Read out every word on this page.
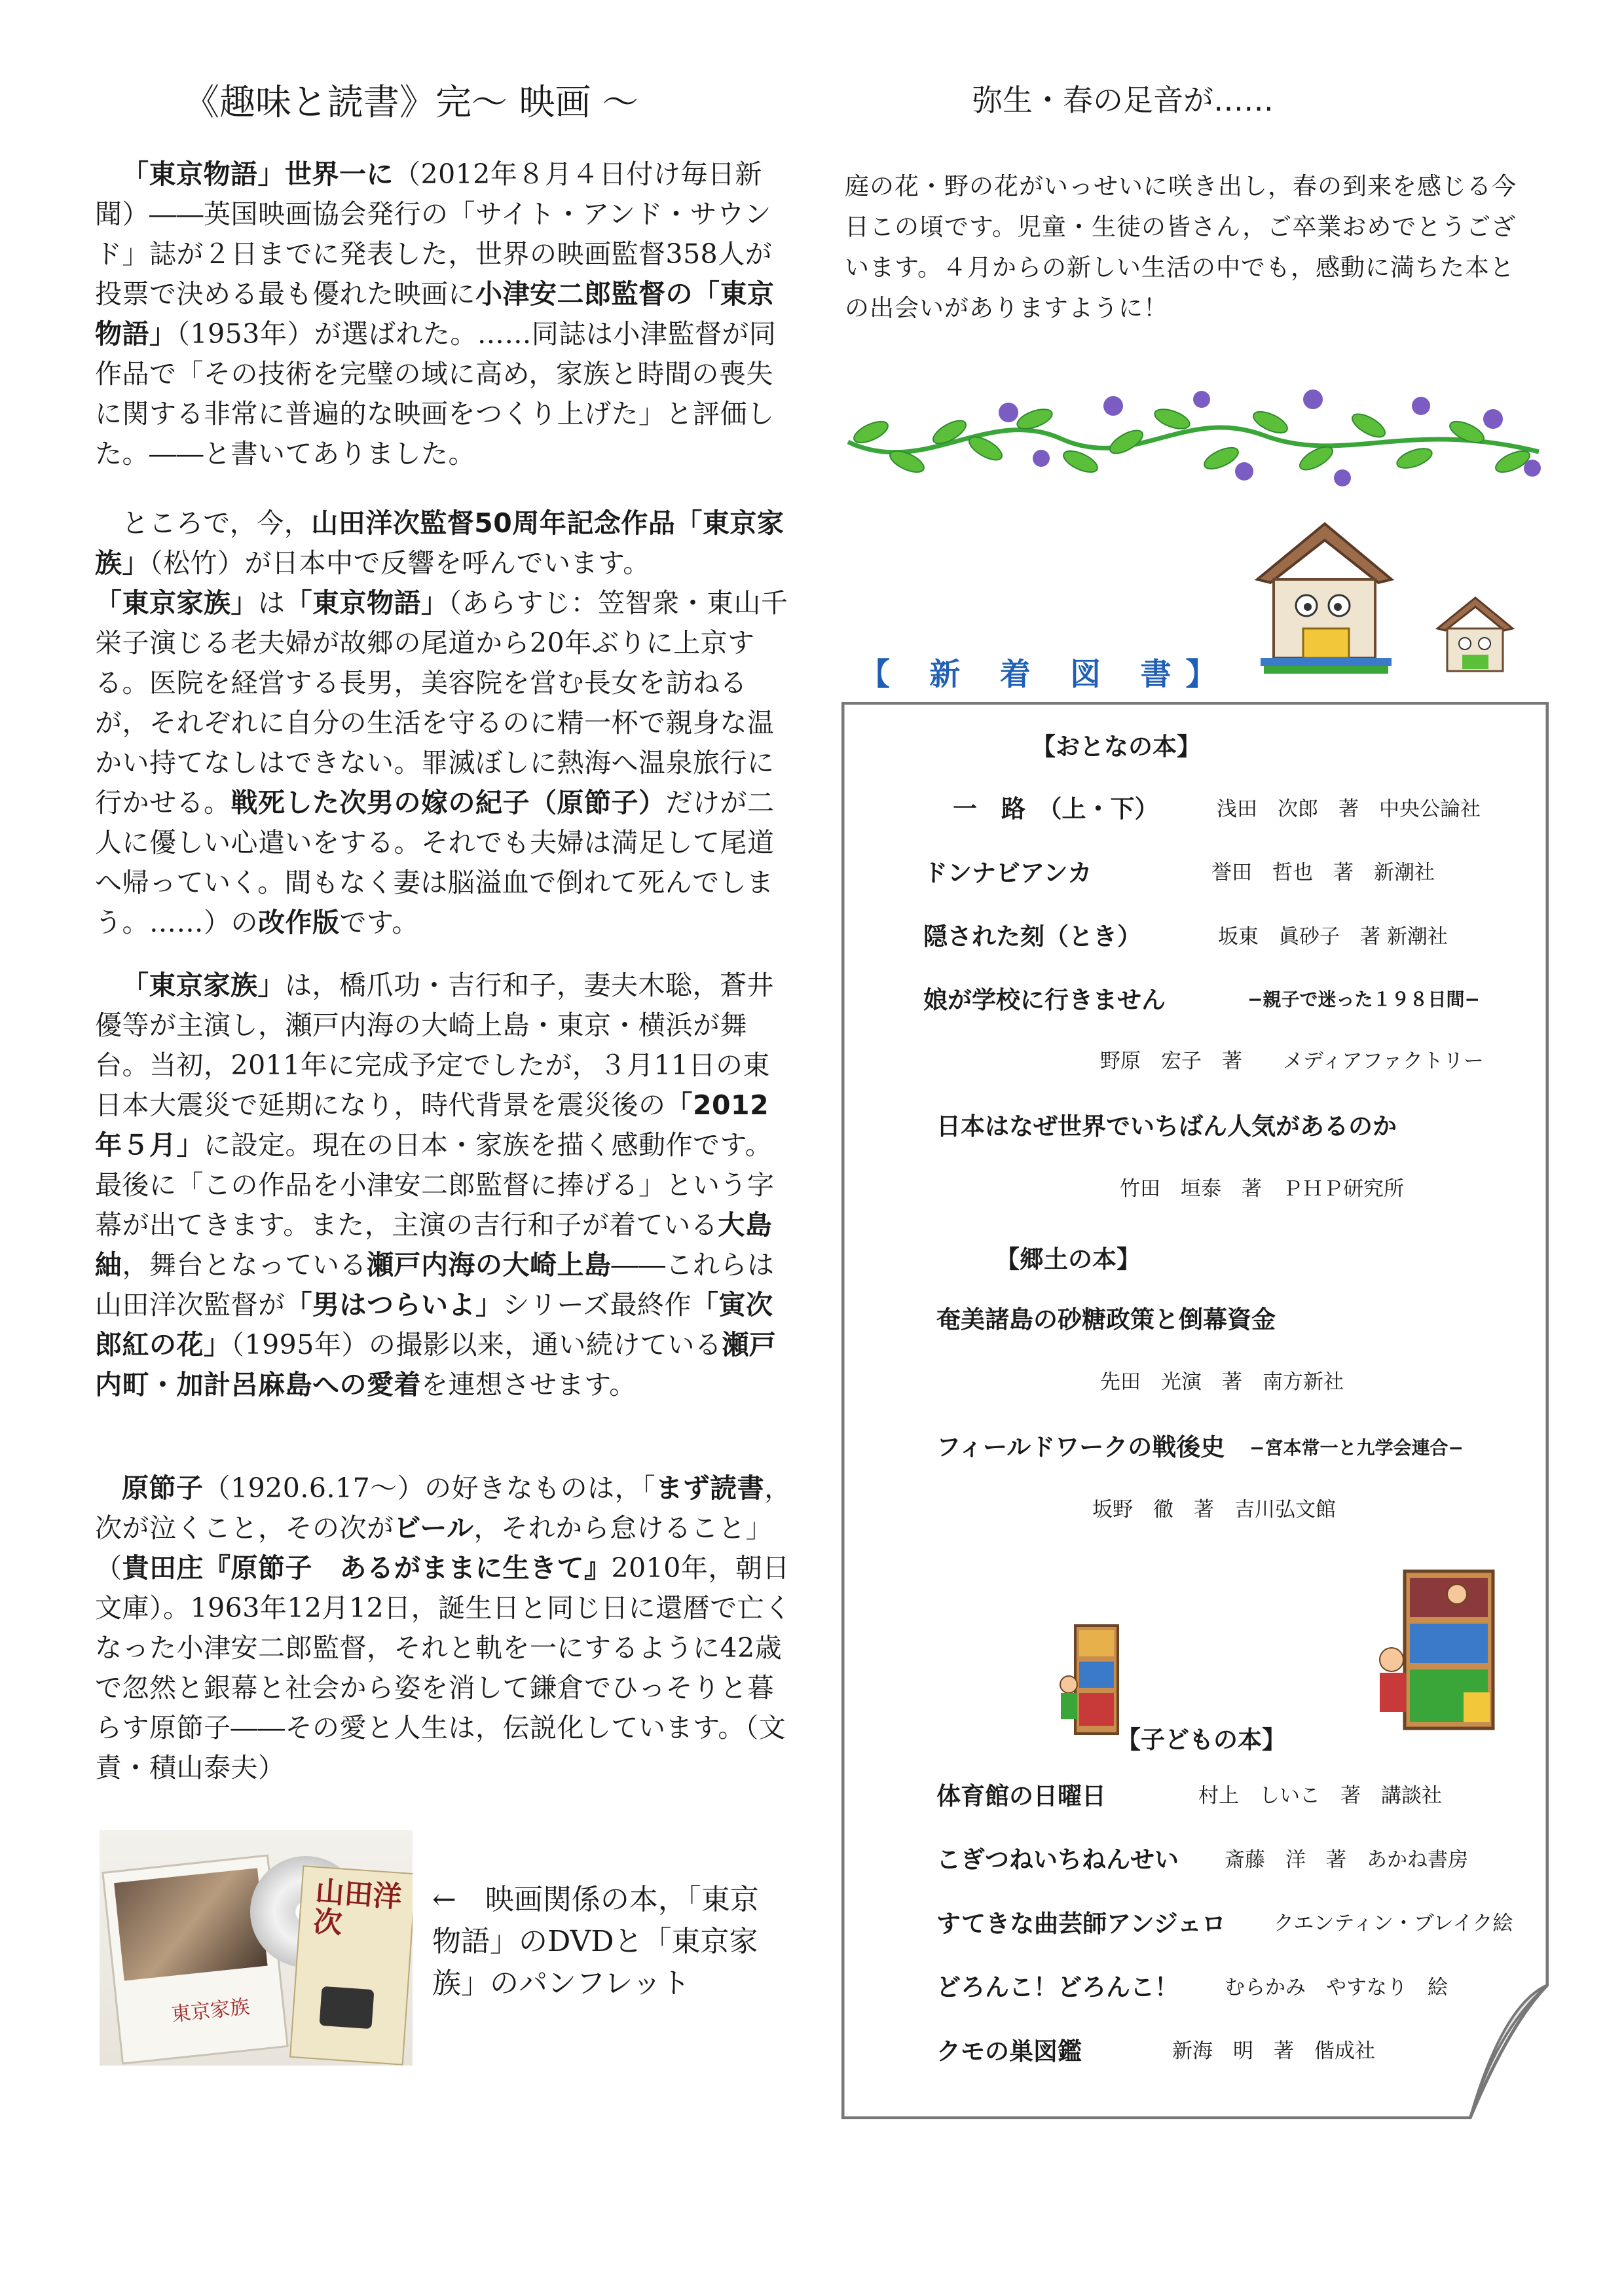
《趣味と読書》完～ 映画 ～
「東京物語」世界一に（2012年８月４日付け毎日新聞）――英国映画協会発行の「サイト・アンド・サウンド」誌が２日までに発表した，世界の映画監督358人が投票で決める最も優れた映画に小津安二郎監督の「東京物語」（1953年）が選ばれた。……同誌は小津監督が同作品で「その技術を完璧の域に高め，家族と時間の喪失に関する非常に普遍的な映画をつくり上げた」と評価した。――と書いてありました。
ところで，今，山田洋次監督50周年記念作品「東京家族」（松竹）が日本中で反響を呼んでいます。「東京家族」は「東京物語」（あらすじ：笠智衆・東山千栄子演じる老夫婦が故郷の尾道から20年ぶりに上京する。医院を経営する長男，美容院を営む長女を訪ねるが，それぞれに自分の生活を守るのに精一杯で親身な温かい持てなしはできない。罪滅ぼしに熱海へ温泉旅行に行かせる。戦死した次男の嫁の紀子（原節子）だけが二人に優しい心遣いをする。それでも夫婦は満足して尾道へ帰っていく。間もなく妻は脳溢血で倒れて死んでしまう。……）の改作版です。
「東京家族」は，橋爪功・吉行和子，妻夫木聡，蒼井優等が主演し，瀬戸内海の大崎上島・東京・横浜が舞台。当初，2011年に完成予定でしたが，３月11日の東日本大震災で延期になり，時代背景を震災後の「2012年５月」に設定。現在の日本・家族を描く感動作です。最後に「この作品を小津安二郎監督に捧げる」という字幕が出てきます。また，主演の吉行和子が着ている大島紬，舞台となっている瀬戸内海の大崎上島――これらは山田洋次監督が「男はつらいよ」シリーズ最終作「寅次郎紅の花」（1995年）の撮影以来，通い続けている瀬戸内町・加計呂麻島への愛着を連想させます。
原節子（1920.6.17～）の好きなものは，「まず読書，次が泣くこと，その次がビール，それから怠けること」（貴田庄『原節子　あるがままに生きて』2010年，朝日文庫）。1963年12月12日，誕生日と同じ日に還暦で亡くなった小津安二郎監督，それと軌を一にするように42歳で忽然と銀幕と社会から姿を消して鎌倉でひっそりと暮らす原節子――その愛と人生は，伝説化しています。（文責・積山泰夫）
東京家族
山田洋次
←　映画関係の本，「東京物語」のDVDと「東京家族」のパンフレット
弥生・春の足音が‥‥‥
庭の花・野の花がいっせいに咲き出し，春の到来を感じる今日この頃です。児童・生徒の皆さん，ご卒業おめでとうございます。４月からの新しい生活の中でも，感動に満ちた本との出会いがありますように！
【 新 着 図 書】
【おとなの本】
一　路　（上・下）	浅田　次郎　著　中央公論社
ドンナビアンカ	誉田　哲也　著　新潮社
隠された刻（とき）	坂東　眞砂子　著 新潮社
娘が学校に行きません	−親子で迷った１９８日間−
野原　宏子　著　　メディアファクトリー
日本はなぜ世界でいちばん人気があるのか
竹田　垣泰　著　ＰＨＰ研究所
【郷土の本】
奄美諸島の砂糖政策と倒幕資金
先田　光演　著　南方新社
フィールドワークの戦後史 −宮本常一と九学会連合−
坂野　徹　著　吉川弘文館
【子どもの本】
体育館の日曜日	村上　しいこ　著　講談社
こぎつねいちねんせい 斎藤　洋　著　あかね書房
すてきな曲芸師アンジェロ クエンティン・ブレイク絵
どろんこ！どろんこ！ むらかみ　やすなり　絵
クモの巣図鑑	新海　明　著　偕成社
